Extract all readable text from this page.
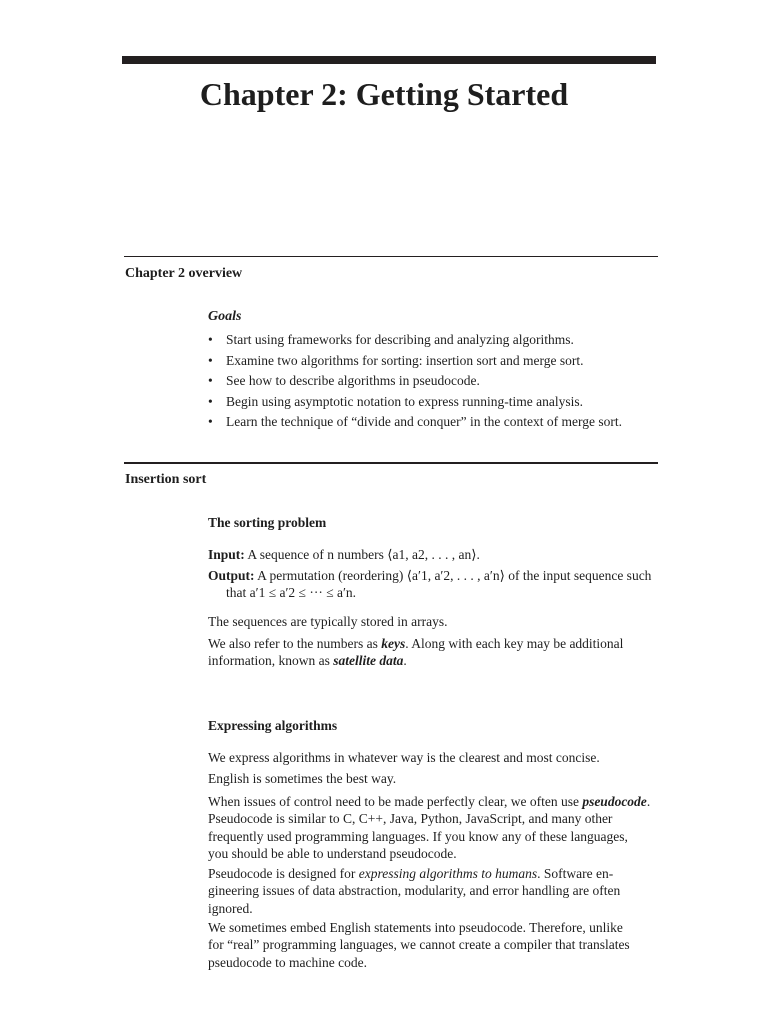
Chapter 2: Getting Started
Chapter 2 overview
Goals
• Start using frameworks for describing and analyzing algorithms.
• Examine two algorithms for sorting: insertion sort and merge sort.
• See how to describe algorithms in pseudocode.
• Begin using asymptotic notation to express running-time analysis.
• Learn the technique of “divide and conquer” in the context of merge sort.
Insertion sort
The sorting problem
Input: A sequence of n numbers ⟨a1, a2, . . . , an⟩.
Output: A permutation (reordering) ⟨a′1, a′2, . . . , a′n⟩ of the input sequence such
that a′1 ≤ a′2 ≤ ··· ≤ a′n.
The sequences are typically stored in arrays.
We also refer to the numbers as keys. Along with each key may be additional
information, known as satellite data.
Expressing algorithms
We express algorithms in whatever way is the clearest and most concise.
English is sometimes the best way.
When issues of control need to be made perfectly clear, we often use pseudocode.
Pseudocode is similar to C, C++, Java, Python, JavaScript, and many other
frequently used programming languages. If you know any of these languages,
you should be able to understand pseudocode.
Pseudocode is designed for expressing algorithms to humans. Software en-
gineering issues of data abstraction, modularity, and error handling are often
ignored.
We sometimes embed English statements into pseudocode. Therefore, unlike
for “real” programming languages, we cannot create a compiler that translates
pseudocode to machine code.
